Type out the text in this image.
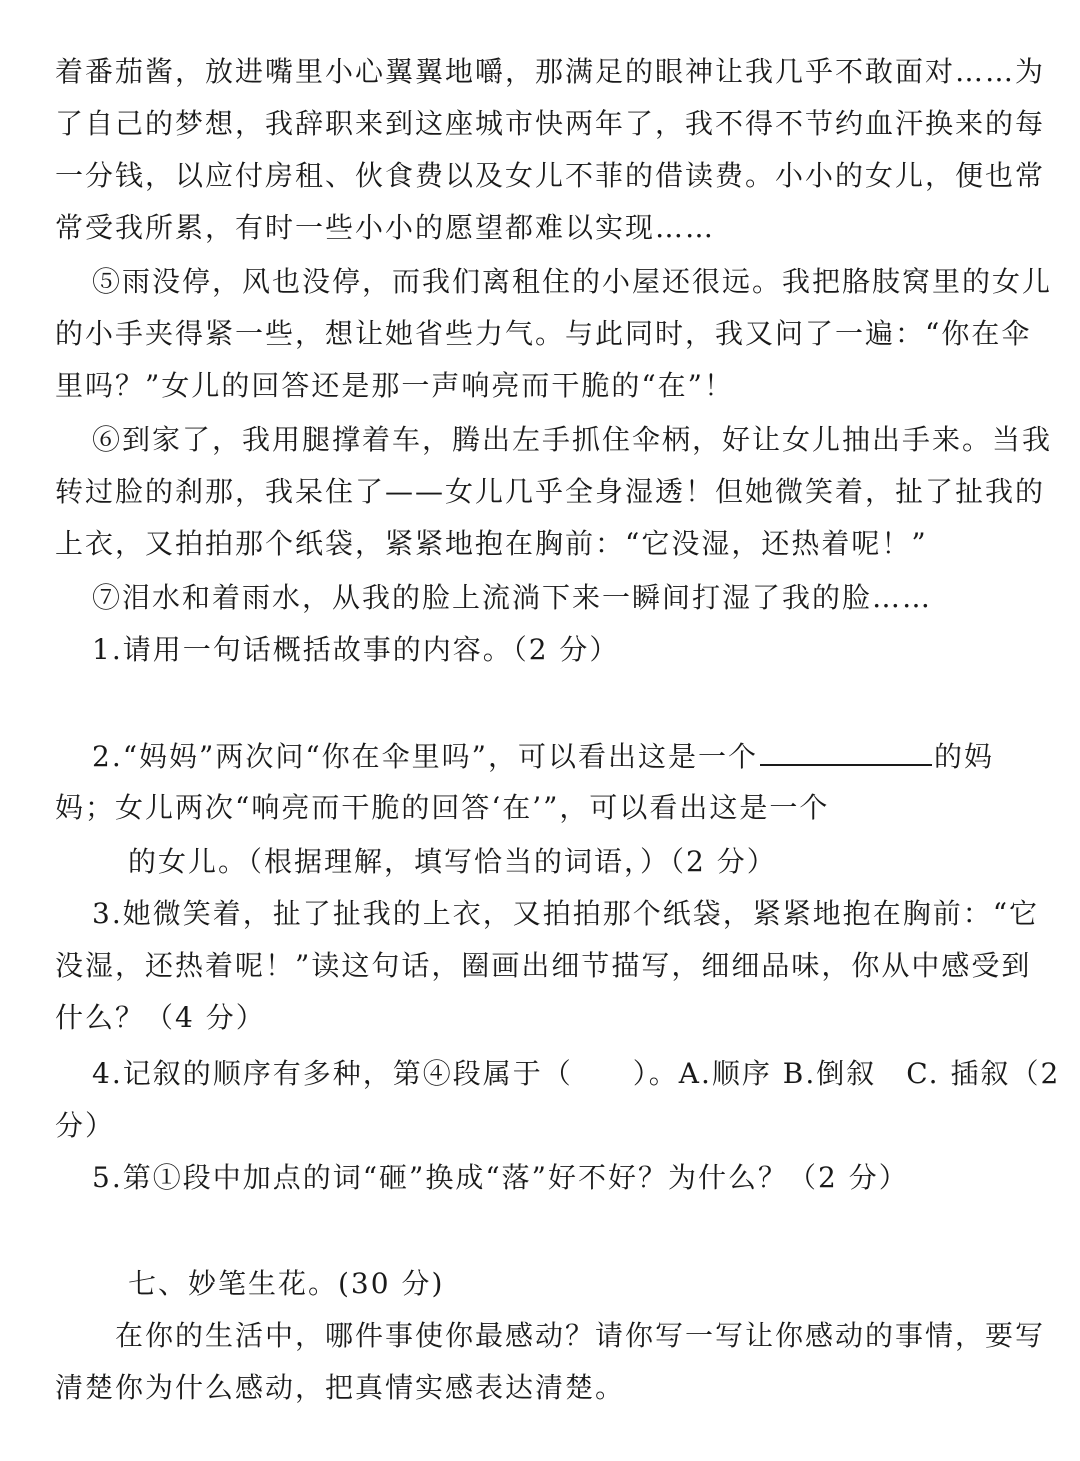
着番茄酱，放进嘴里小心翼翼地嚼，那满足的眼神让我几乎不敢面对……为
了自己的梦想，我辞职来到这座城市快两年了，我不得不节约血汗换来的每
一分钱，以应付房租、伙食费以及女儿不菲的借读费。小小的女儿，便也常
常受我所累，有时一些小小的愿望都难以实现……
⑤雨没停，风也没停，而我们离租住的小屋还很远。我把胳肢窝里的女儿
的小手夹得紧一些，想让她省些力气。与此同时，我又问了一遍：“你在伞
里吗？”女儿的回答还是那一声响亮而干脆的“在”！
⑥到家了，我用腿撑着车，腾出左手抓住伞柄，好让女儿抽出手来。当我
转过脸的刹那，我呆住了——女儿几乎全身湿透！但她微笑着，扯了扯我的
上衣，又拍拍那个纸袋，紧紧地抱在胸前：“它没湿，还热着呢！”
⑦泪水和着雨水，从我的脸上流淌下来一瞬间打湿了我的脸……
1.请用一句话概括故事的内容。（2 分）
2.“妈妈”两次问“你在伞里吗”，可以看出这是一个	的妈
妈；女儿两次“响亮而干脆的回答‘在’”，可以看出这是一个
的女儿。（根据理解，填写恰当的词语，）（2 分）
3.她微笑着，扯了扯我的上衣，又拍拍那个纸袋，紧紧地抱在胸前：“它
没湿，还热着呢！”读这句话，圈画出细节描写，细细品味，你从中感受到
什么？（4 分）
4.记叙的顺序有多种，第④段属于（　　）。A.顺序 B.倒叙　C. 插叙（2
分）
5.第①段中加点的词“砸”换成“落”好不好？为什么？（2 分）
七、妙笔生花。(30 分)
在你的生活中，哪件事使你最感动？请你写一写让你感动的事情，要写
清楚你为什么感动，把真情实感表达清楚。
